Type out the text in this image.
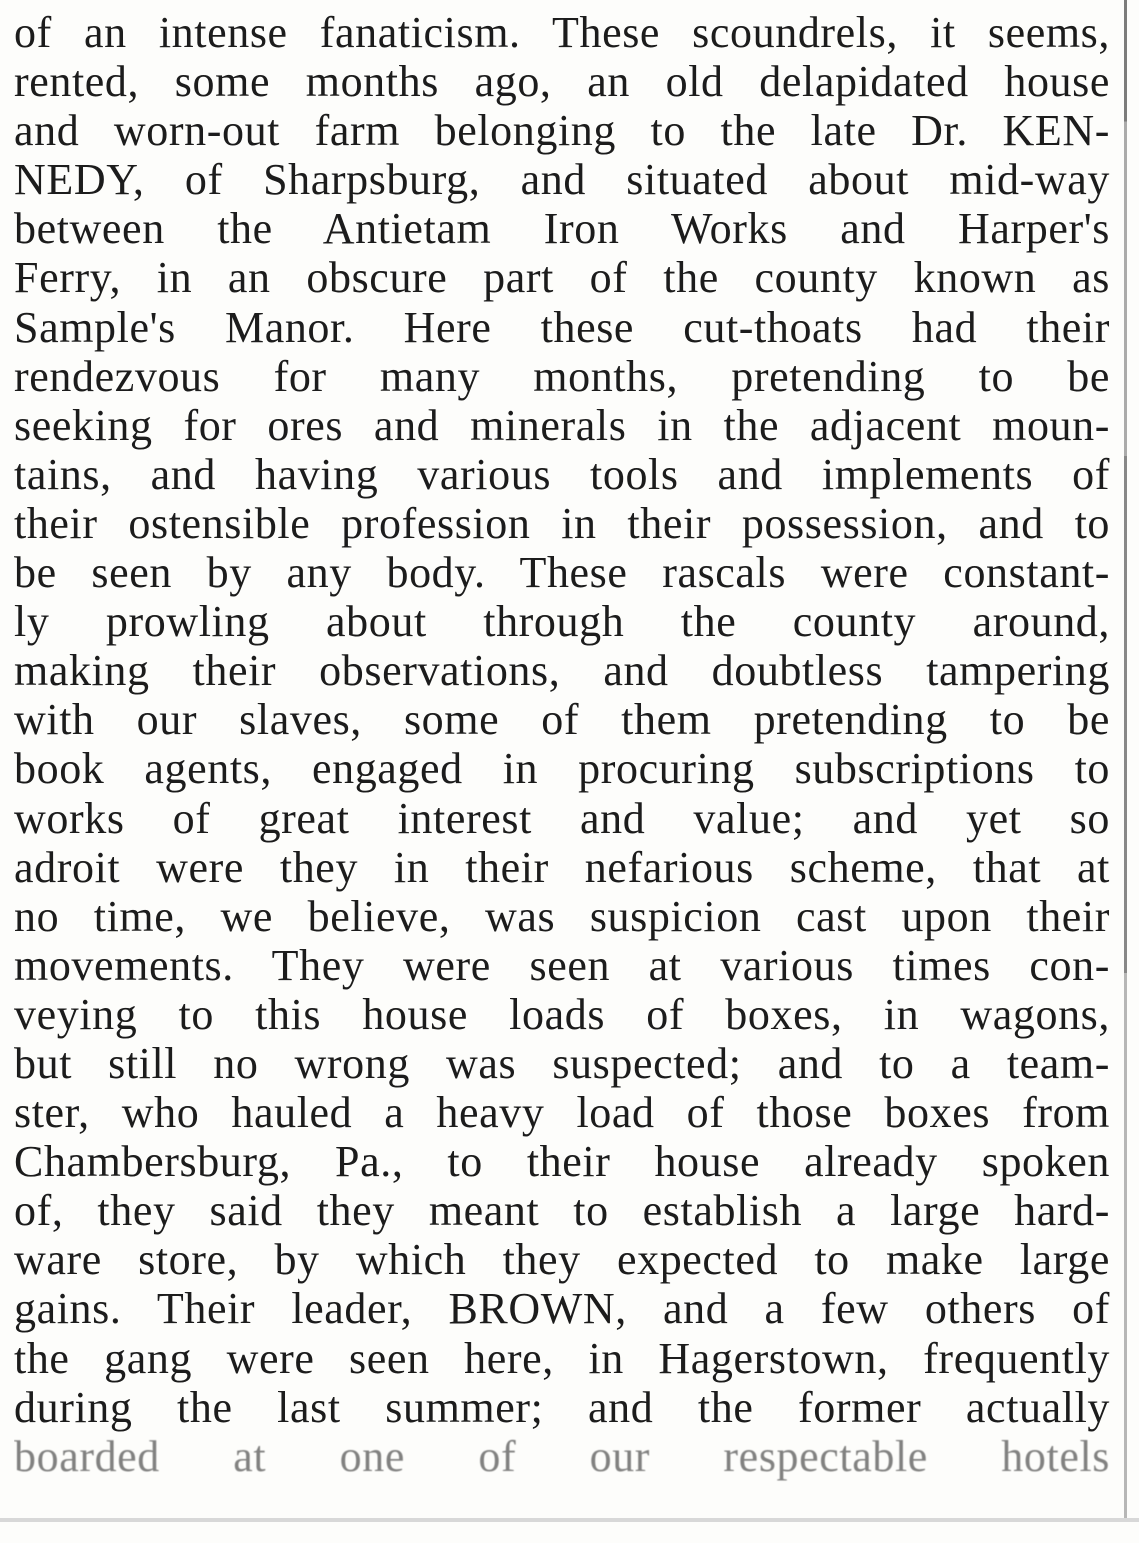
of an intense fanaticism. These scoundrels, it seems,
rented, some months ago, an old delapidated house
and worn-out farm belonging to the late Dr. KEN-
NEDY, of Sharpsburg, and situated about mid-way
between the Antietam Iron Works and Harper's
Ferry, in an obscure part of the county known as
Sample's Manor. Here these cut-thoats had their
rendezvous for many months, pretending to be
seeking for ores and minerals in the adjacent moun-
tains, and having various tools and implements of
their ostensible profession in their possession, and to
be seen by any body. These rascals were constant-
ly prowling about through the county around,
making their observations, and doubtless tampering
with our slaves, some of them pretending to be
book agents, engaged in procuring subscriptions to
works of great interest and value; and yet so
adroit were they in their nefarious scheme, that at
no time, we believe, was suspicion cast upon their
movements. They were seen at various times con-
veying to this house loads of boxes, in wagons,
but still no wrong was suspected; and to a team-
ster, who hauled a heavy load of those boxes from
Chambersburg, Pa., to their house already spoken
of, they said they meant to establish a large hard-
ware store, by which they expected to make large
gains. Their leader, BROWN, and a few others of
the gang were seen here, in Hagerstown, frequently
during the last summer; and the former actually
boarded at one of our respectable hotels
